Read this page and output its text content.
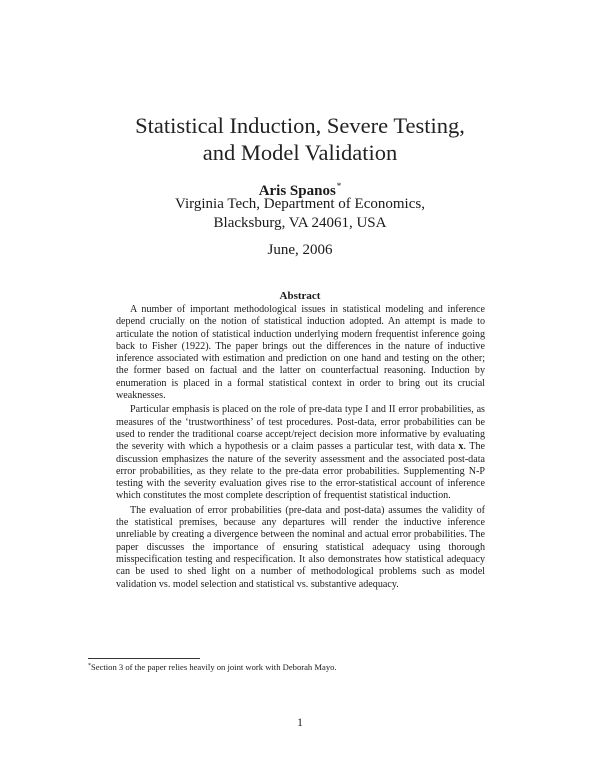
Statistical Induction, Severe Testing,
and Model Validation
Aris Spanos*
Virginia Tech, Department of Economics,
Blacksburg, VA 24061, USA
June, 2006
Abstract

A number of important methodological issues in statistical modeling and inference depend crucially on the notion of statistical induction adopted. An attempt is made to articulate the notion of statistical induction underlying modern frequentist inference going back to Fisher (1922). The paper brings out the differences in the nature of inductive inference associated with estimation and prediction on one hand and testing on the other; the former based on factual and the latter on counterfactual reasoning. Induction by enumeration is placed in a formal statistical context in order to bring out its crucial weaknesses.

Particular emphasis is placed on the role of pre-data type I and II error probabilities, as measures of the ‘trustworthiness’ of test procedures. Post-data, error probabilities can be used to render the traditional coarse accept/reject decision more informative by evaluating the severity with which a hypothesis or a claim passes a particular test, with data x. The discussion emphasizes the nature of the severity assessment and the associated post-data error probabilities, as they relate to the pre-data error probabilities. Supplementing N-P testing with the severity evaluation gives rise to the error-statistical account of inference which constitutes the most complete description of frequentist statistical induction.

The evaluation of error probabilities (pre-data and post-data) assumes the validity of the statistical premises, because any departures will render the inductive inference unreliable by creating a divergence between the nominal and actual error probabilities. The paper discusses the importance of ensuring statistical adequacy using thorough misspecification testing and respecification. It also demonstrates how statistical adequacy can be used to shed light on a number of methodological problems such as model validation vs. model selection and statistical vs. substantive adequacy.

*Section 3 of the paper relies heavily on joint work with Deborah Mayo.
1
